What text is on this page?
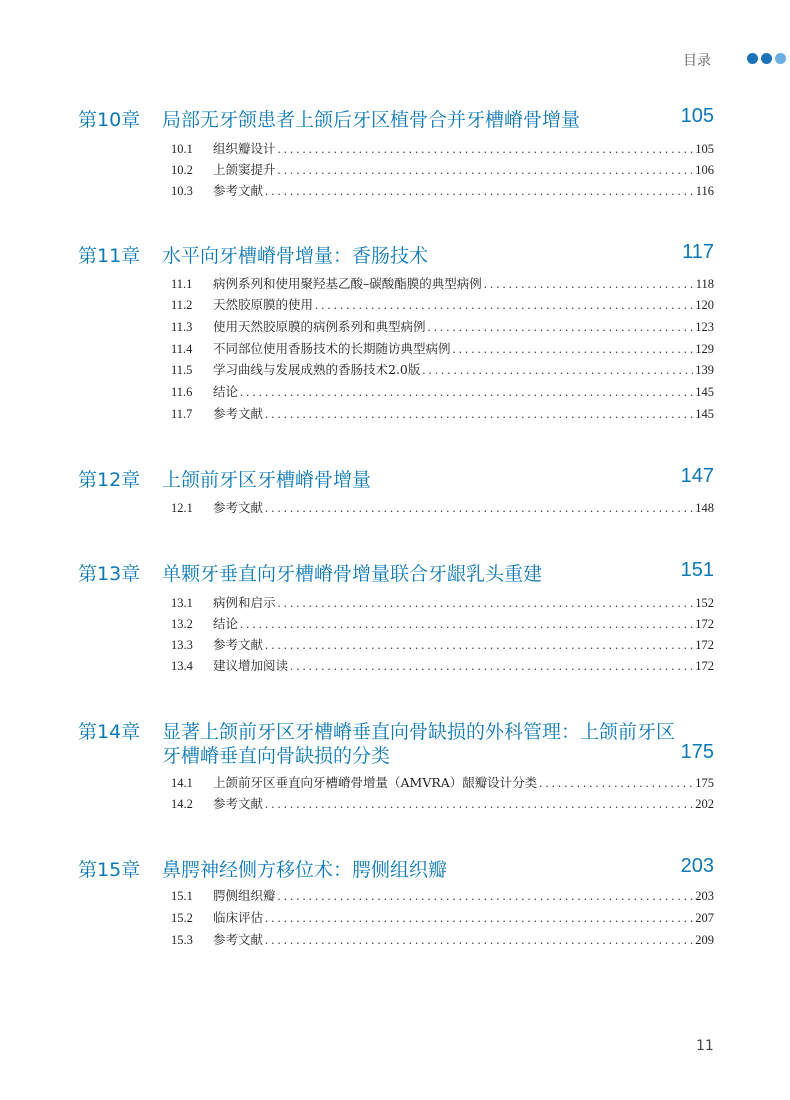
目录
第10章 局部无牙颌患者上颌后牙区植骨合并牙槽嵴骨增量	105
10.1	组织瓣设计 . . .	105
10.2	上颌窦提升 . . .	106
10.3	参考文献 . . .	116
第11章 水平向牙槽嵴骨增量：香肠技术	117
11.1	病例系列和使用聚羟基乙酸–碳酸酯膜的典型病例 . . .	118
11.2	天然胶原膜的使用 . . .	120
11.3	使用天然胶原膜的病例系列和典型病例 . . .	123
11.4	不同部位使用香肠技术的长期随访典型病例 . . .	129
11.5	学习曲线与发展成熟的香肠技术2.0版 . . .	139
11.6	结论 . . .	145
11.7	参考文献 . . .	145
第12章 上颌前牙区牙槽嵴骨增量	147
12.1	参考文献 . . .	148
第13章 单颗牙垂直向牙槽嵴骨增量联合牙龈乳头重建	151
13.1	病例和启示 . . .	152
13.2	结论 . . .	172
13.3	参考文献 . . .	172
13.4	建议增加阅读 . . .	172
第14章 显著上颌前牙区牙槽嵴垂直向骨缺损的外科管理：上颌前牙区
牙槽嵴垂直向骨缺损的分类	175
14.1	上颌前牙区垂直向牙槽嵴骨增量（AMVRA）龈瓣设计分类 . . .	175
14.2	参考文献 . . .	202
第15章 鼻腭神经侧方移位术：腭侧组织瓣	203
15.1	腭侧组织瓣 . . .	203
15.2	临床评估 . . .	207
15.3	参考文献 . . .	209
11
